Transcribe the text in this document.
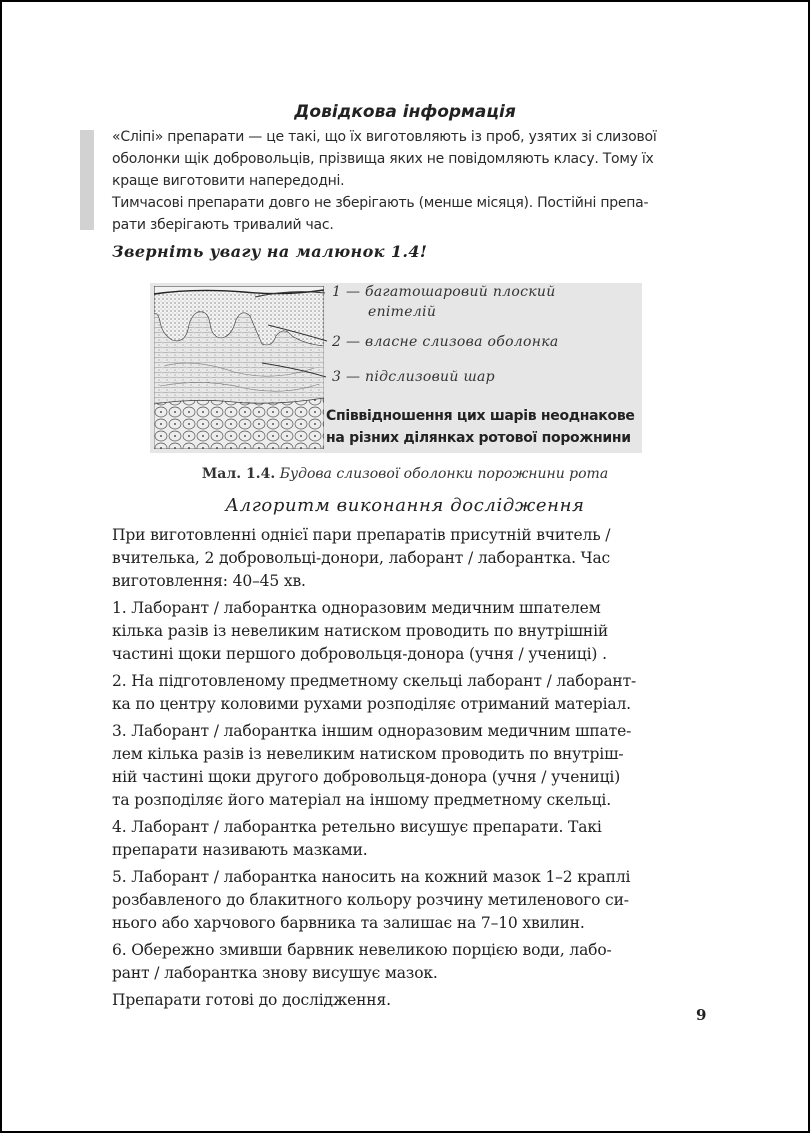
Довідкова інформація

«Сліпі» препарати — це такі, що їх виготовляють із проб, узятих зі слизової

оболонки щік добровольців, прізвища яких не повідомляють класу. Тому їх

краще виготовити напередодні.

Тимчасові препарати довго не зберігають (менше місяця). Постійні препа-

рати зберігають тривалий час.

Зверніть увагу на малюнок 1.4!
1 — багатошаровий плоский
епітелій
2 — власне слизова оболонка
3 — підслизовий шар
Співвідношення цих шарів неоднакове
на різних ділянках ротової порожнини
Мал. 1.4. Будова слизової оболонки порожнини рота
Алгоритм виконання дослідження
При виготовленні однієї пари препаратів присутній вчитель /
вчителька, 2 добровольці-донори, лаборант / лаборантка. Час
виготовлення: 40–45 хв.
1. Лаборант / лаборантка одноразовим медичним шпателем
кілька разів із невеликим натиском проводить по внутрішній
частині щоки першого добровольця-донора (учня / учениці) .
2. На підготовленому предметному скельці лаборант / лаборант-
ка по центру коловими рухами розподіляє отриманий матеріал.
3. Лаборант / лаборантка іншим одноразовим медичним шпате-
лем кілька разів із невеликим натиском проводить по внутріш-
ній частині щоки другого добровольця-донора (учня / учениці)
та розподіляє його матеріал на іншому предметному скельці.
4. Лаборант / лаборантка ретельно висушує препарати. Такі
препарати називають мазками.
5. Лаборант / лаборантка наносить на кожний мазок 1–2 краплі
розбавленого до блакитного кольору розчину метиленового си-
нього або харчового барвника та залишає на 7–10 хвилин.
6. Обережно змивши барвник невеликою порцією води, лабо-
рант / лаборантка знову висушує мазок.
Препарати готові до дослідження.
9
